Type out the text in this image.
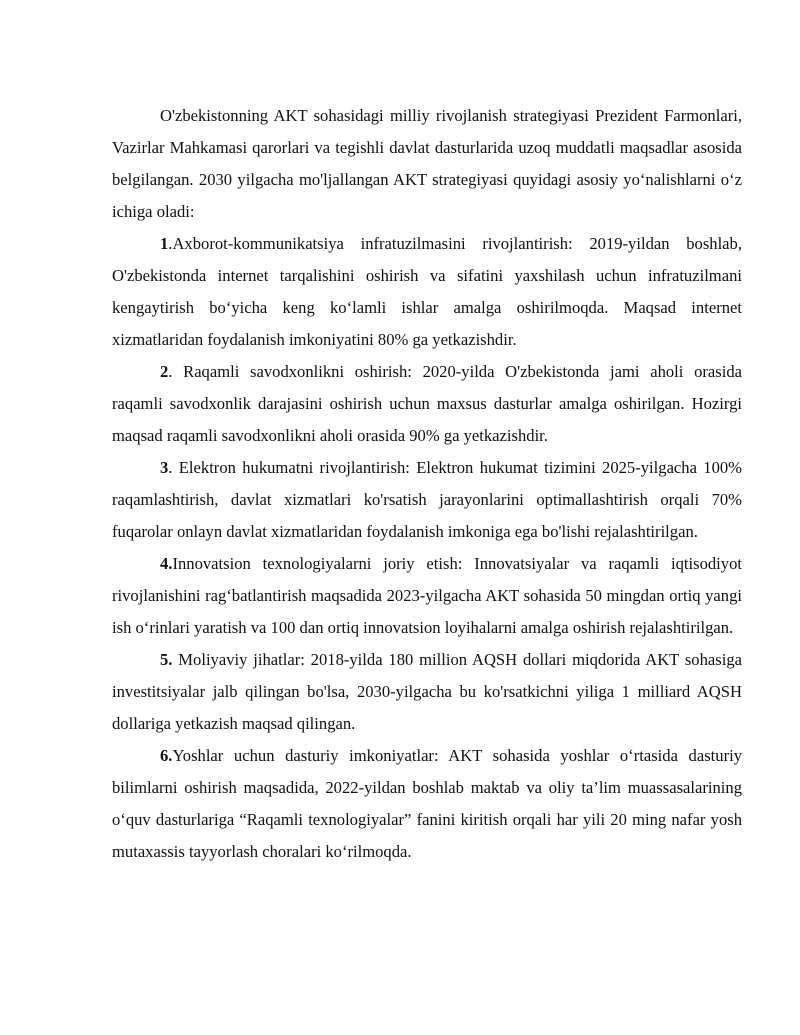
O'zbekistonning AKT sohasidagi milliy rivojlanish strategiyasi Prezident Farmonlari, Vazirlar Mahkamasi qarorlari va tegishli davlat dasturlarida uzoq muddatli maqsadlar asosida belgilangan. 2030 yilgacha mo'ljallangan AKT strategiyasi quyidagi asosiy yo‘nalishlarni o‘z ichiga oladi:

1.Axborot-kommunikatsiya infratuzilmasini rivojlantirish: 2019-yildan boshlab, O'zbekistonda internet tarqalishini oshirish va sifatini yaxshilash uchun infratuzilmani kengaytirish bo‘yicha keng ko‘lamli ishlar amalga oshirilmoqda. Maqsad internet xizmatlaridan foydalanish imkoniyatini 80% ga yetkazishdir.

2. Raqamli savodxonlikni oshirish: 2020-yilda O'zbekistonda jami aholi orasida raqamli savodxonlik darajasini oshirish uchun maxsus dasturlar amalga oshirilgan. Hozirgi maqsad raqamli savodxonlikni aholi orasida 90% ga yetkazishdir.

3. Elektron hukumatni rivojlantirish: Elektron hukumat tizimini 2025-yilgacha 100% raqamlashtirish, davlat xizmatlari ko'rsatish jarayonlarini optimallashtirish orqali 70% fuqarolar onlayn davlat xizmatlaridan foydalanish imkoniga ega bo'lishi rejalashtirilgan.

4.Innovatsion texnologiyalarni joriy etish: Innovatsiyalar va raqamli iqtisodiyot rivojlanishini rag‘batlantirish maqsadida 2023-yilgacha AKT sohasida 50 mingdan ortiq yangi ish o‘rinlari yaratish va 100 dan ortiq innovatsion loyihalarni amalga oshirish rejalashtirilgan.

5. Moliyaviy jihatlar: 2018-yilda 180 million AQSH dollari miqdorida AKT sohasiga investitsiyalar jalb qilingan bo'lsa, 2030-yilgacha bu ko'rsatkichni yiliga 1 milliard AQSH dollariga yetkazish maqsad qilingan.

6.Yoshlar uchun dasturiy imkoniyatlar: AKT sohasida yoshlar o‘rtasida dasturiy bilimlarni oshirish maqsadida, 2022-yildan boshlab maktab va oliy ta’lim muassasalarining o‘quv dasturlariga “Raqamli texnologiyalar” fanini kiritish orqali har yili 20 ming nafar yosh mutaxassis tayyorlash choralari ko‘rilmoqda.
